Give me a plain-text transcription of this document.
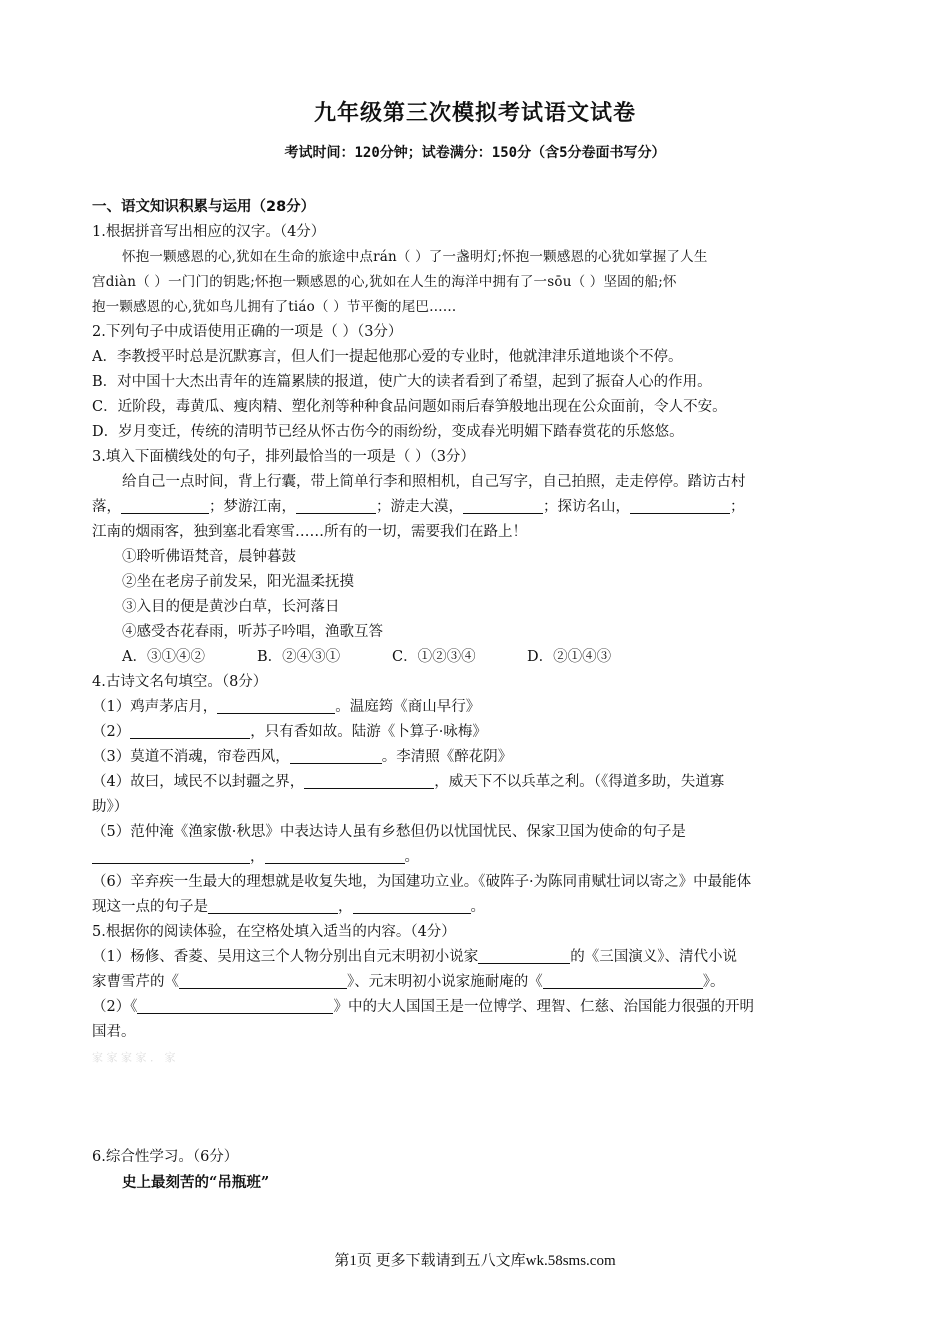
九年级第三次模拟考试语文试卷
考试时间：120分钟；试卷满分：150分（含5分卷面书写分）

一、语文知识积累与运用（28分）

1.根据拼音写出相应的汉字。（4分）

怀抱一颗感恩的心,犹如在生命的旅途中点rán（ ）了一盏明灯;怀抱一颗感恩的心犹如掌握了人生

宫diàn（ ）一门门的钥匙;怀抱一颗感恩的心,犹如在人生的海洋中拥有了一sōu（ ）坚固的船;怀

抱一颗感恩的心,犹如鸟儿拥有了tiáo（ ）节平衡的尾巴……

2.下列句子中成语使用正确的一项是（ ）（3分）

A．李教授平时总是沉默寡言，但人们一提起他那心爱的专业时，他就津津乐道地谈个不停。

B．对中国十大杰出青年的连篇累牍的报道，使广大的读者看到了希望，起到了振奋人心的作用。

C．近阶段，毒黄瓜、瘦肉精、塑化剂等种种食品问题如雨后春笋般地出现在公众面前，令人不安。

D．岁月变迁，传统的清明节已经从怀古伤今的雨纷纷，变成春光明媚下踏春赏花的乐悠悠。

3.填入下面横线处的句子，排列最恰当的一项是（ ）（3分）

给自己一点时间，背上行囊，带上简单行李和照相机，自己写字，自己拍照，走走停停。踏访古村

落，	；梦游江南，	；游走大漠，	；探访名山，	；

江南的烟雨客，独到塞北看寒雪……所有的一切，需要我们在路上！

①聆听佛语梵音，晨钟暮鼓

②坐在老房子前发呆，阳光温柔抚摸

③入目的便是黄沙白草，长河落日

④感受杏花春雨，听苏子吟唱，渔歌互答

A．③①④②	B．②④③①	C．①②③④	D．②①④③

4.古诗文名句填空。（8分）

（1）鸡声茅店月，	。温庭筠《商山早行》

（2）	，只有香如故。陆游《卜算子·咏梅》

（3）莫道不消魂，帘卷西风，	。李清照《醉花阴》

（4）故曰，域民不以封疆之界，	，威天下不以兵革之利。（《得道多助，失道寡

助》）

（5）范仲淹《渔家傲·秋思》中表达诗人虽有乡愁但仍以忧国忧民、保家卫国为使命的句子是

，	。

（6）辛弃疾一生最大的理想就是收复失地，为国建功立业。《破阵子·为陈同甫赋壮词以寄之》中最能体

现这一点的句子是	，	。

5.根据你的阅读体验，在空格处填入适当的内容。（4分）

（1）杨修、香菱、吴用这三个人物分别出自元末明初小说家	的《三国演义》、清代小说

家曹雪芹的《	》、元末明初小说家施耐庵的《	》。

（2）《	》中的大人国国王是一位博学、理智、仁慈、治国能力很强的开明

国君。

家 家 家 家 ． 家

6.综合性学习。（6分）

史上最刻苦的“吊瓶班”

第1页 更多下载请到五八文库wk.58sms.com
